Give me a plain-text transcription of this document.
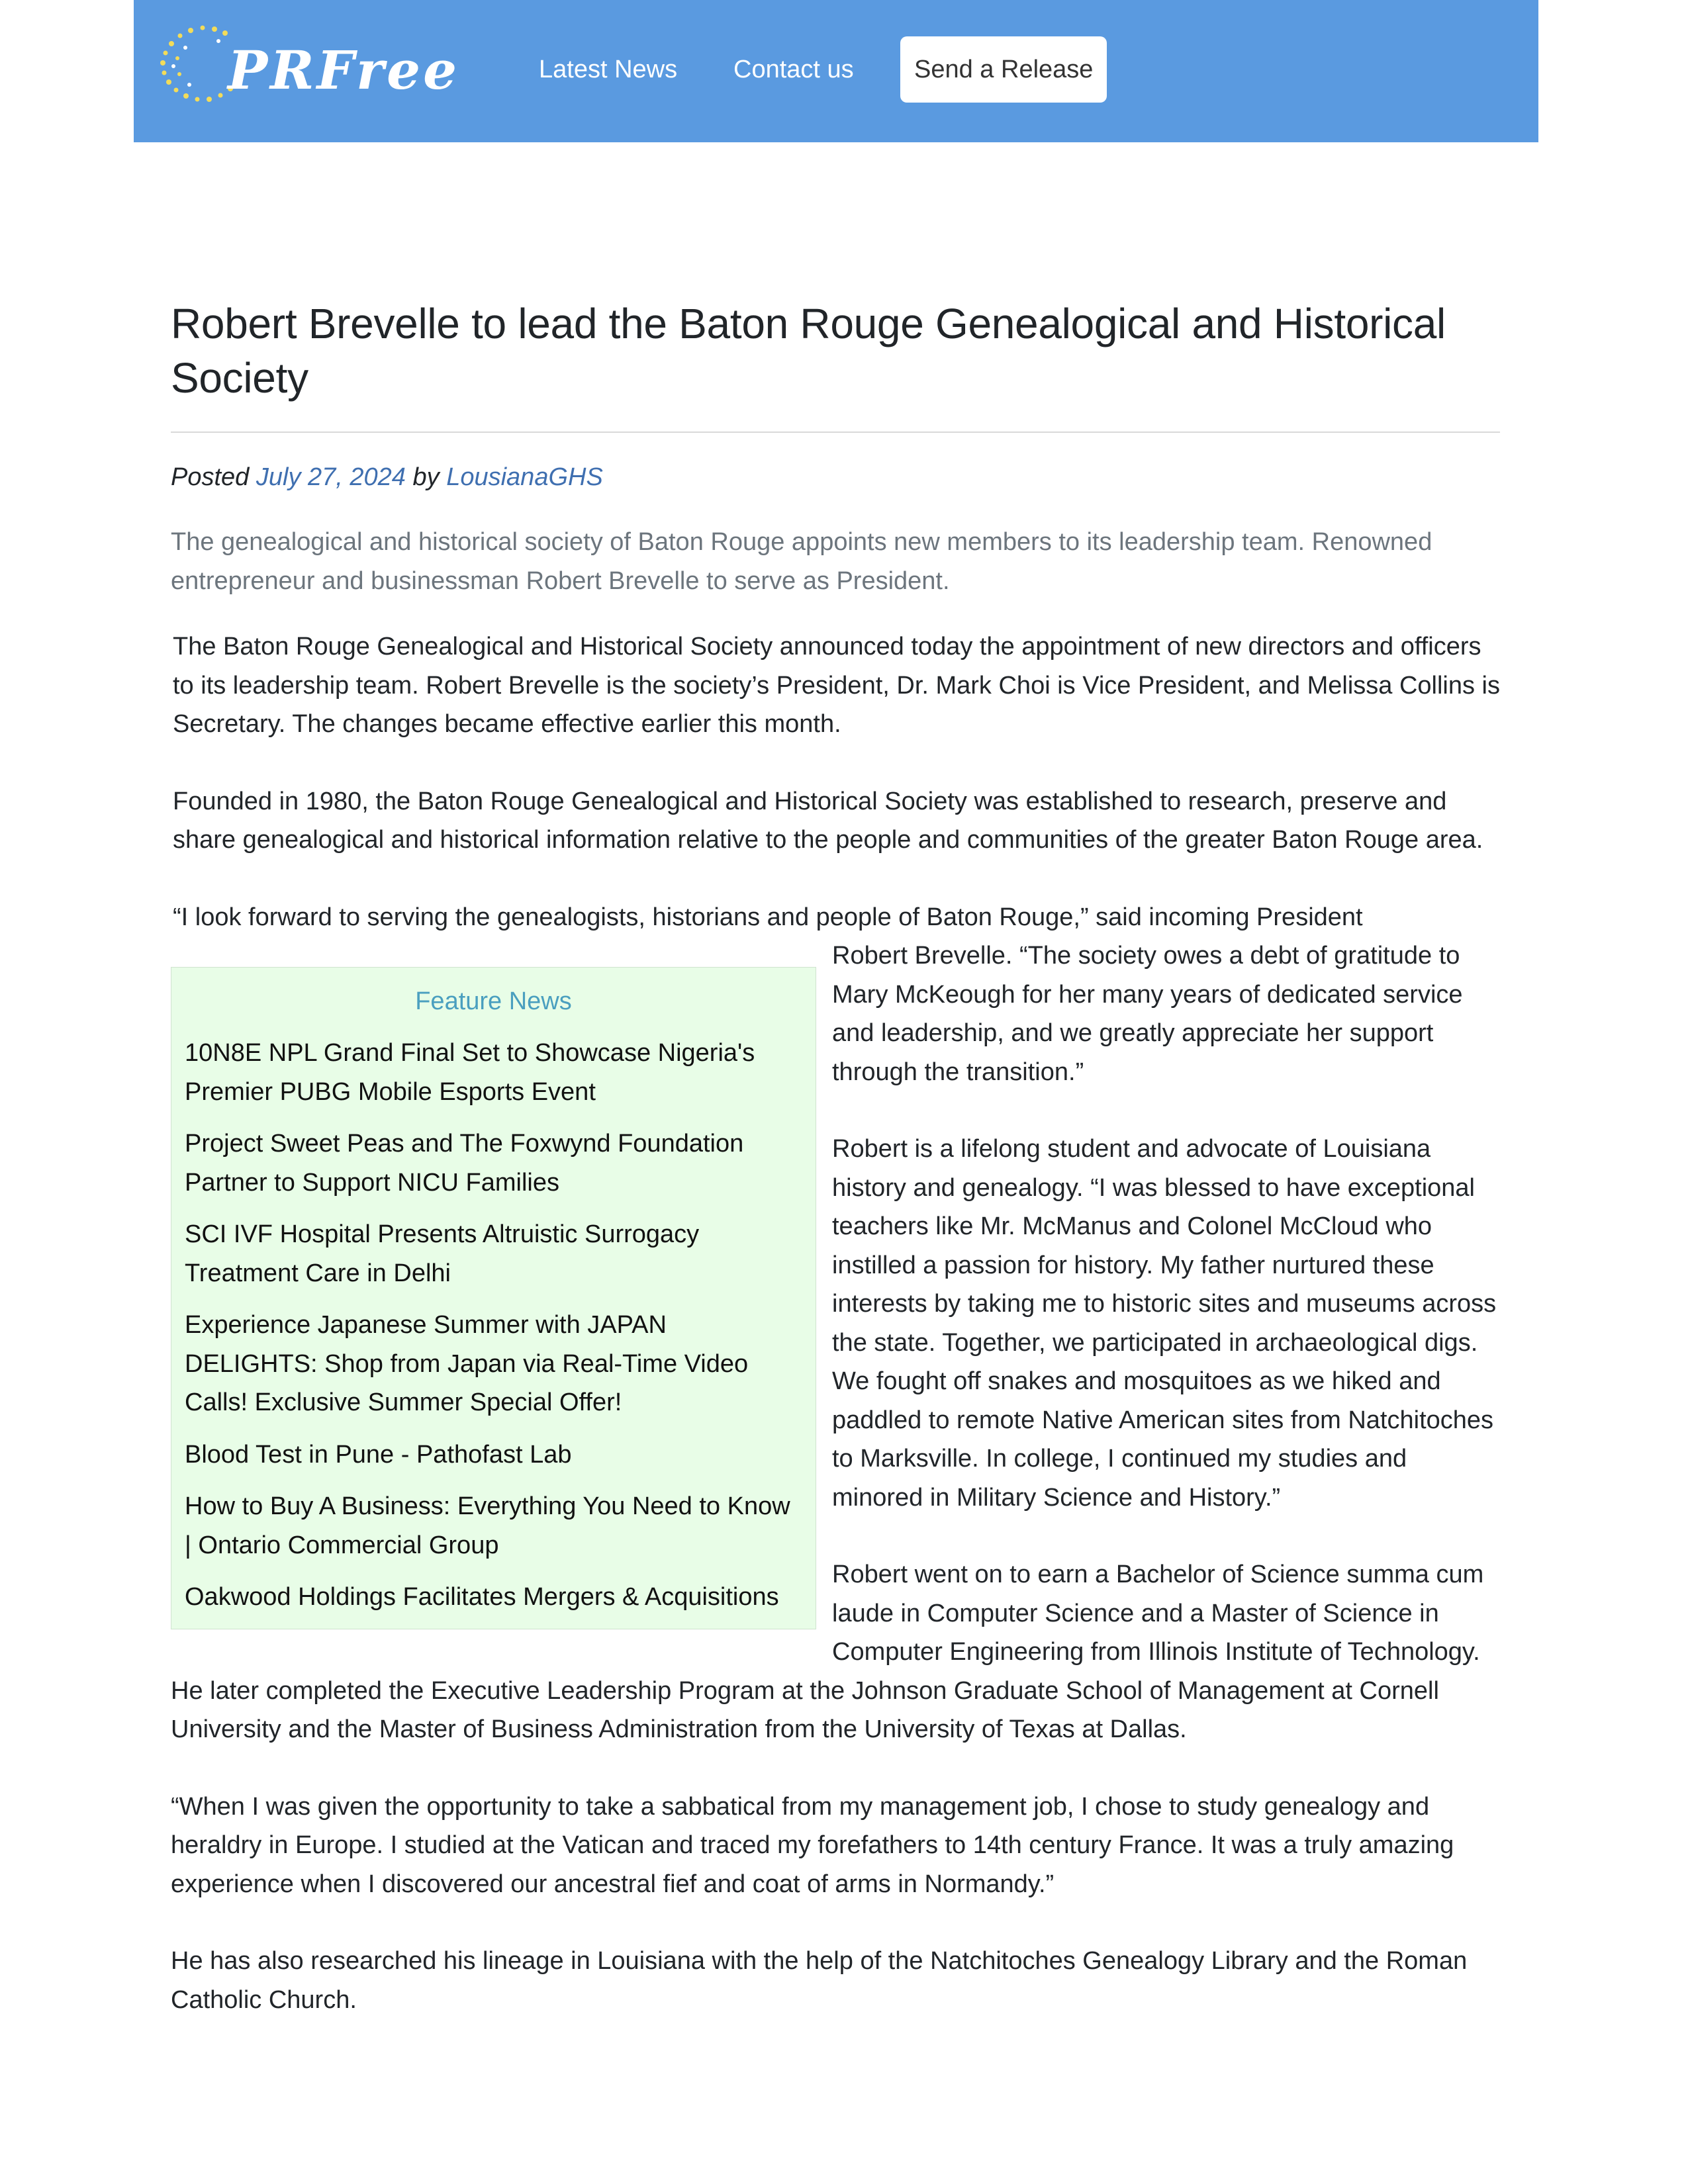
PRFree	Latest News Contact us	Send a Release
Robert Brevelle to lead the Baton Rouge Genealogical and Historical Society
Posted July 27, 2024 by LousianaGHS

The genealogical and historical society of Baton Rouge appoints new members to its leadership team. Renowned entrepreneur and businessman Robert Brevelle to serve as President.

The Baton Rouge Genealogical and Historical Society announced today the appointment of new directors and officers to its leadership team. Robert Brevelle is the society’s President, Dr. Mark Choi is Vice President, and Melissa Collins is Secretary. The changes became effective earlier this month.

Founded in 1980, the Baton Rouge Genealogical and Historical Society was established to research, preserve and share genealogical and historical information relative to the people and communities of the greater Baton Rouge area.

“I look forward to serving the genealogists, historians and people of Baton Rouge,” said incoming President

Feature News
10N8E NPL Grand Final Set to Showcase Nigeria's Premier PUBG Mobile Esports Event
Project Sweet Peas and The Foxwynd Foundation Partner to Support NICU Families
SCI IVF Hospital Presents Altruistic Surrogacy Treatment Care in Delhi
Experience Japanese Summer with JAPAN DELIGHTS: Shop from Japan via Real-Time Video Calls! Exclusive Summer Special Offer!
Blood Test in Pune - Pathofast Lab
How to Buy A Business: Everything You Need to Know | Ontario Commercial Group
Oakwood Holdings Facilitates Mergers & Acquisitions

Robert Brevelle. “The society owes a debt of gratitude to Mary McKeough for her many years of dedicated service and leadership, and we greatly appreciate her support through the transition.”

Robert is a lifelong student and advocate of Louisiana history and genealogy. “I was blessed to have exceptional teachers like Mr. McManus and Colonel McCloud who instilled a passion for history. My father nurtured these interests by taking me to historic sites and museums across the state. Together, we participated in archaeological digs. We fought off snakes and mosquitoes as we hiked and paddled to remote Native American sites from Natchitoches to Marksville. In college, I continued my studies and minored in Military Science and History.”

Robert went on to earn a Bachelor of Science summa cum laude in Computer Science and a Master of Science in Computer Engineering from Illinois Institute of Technology. He later completed the Executive Leadership Program at the Johnson Graduate School of Management at Cornell University and the Master of Business Administration from the University of Texas at Dallas.

“When I was given the opportunity to take a sabbatical from my management job, I chose to study genealogy and heraldry in Europe. I studied at the Vatican and traced my forefathers to 14th century France. It was a truly amazing experience when I discovered our ancestral fief and coat of arms in Normandy.”

He has also researched his lineage in Louisiana with the help of the Natchitoches Genealogy Library and the Roman Catholic Church.
